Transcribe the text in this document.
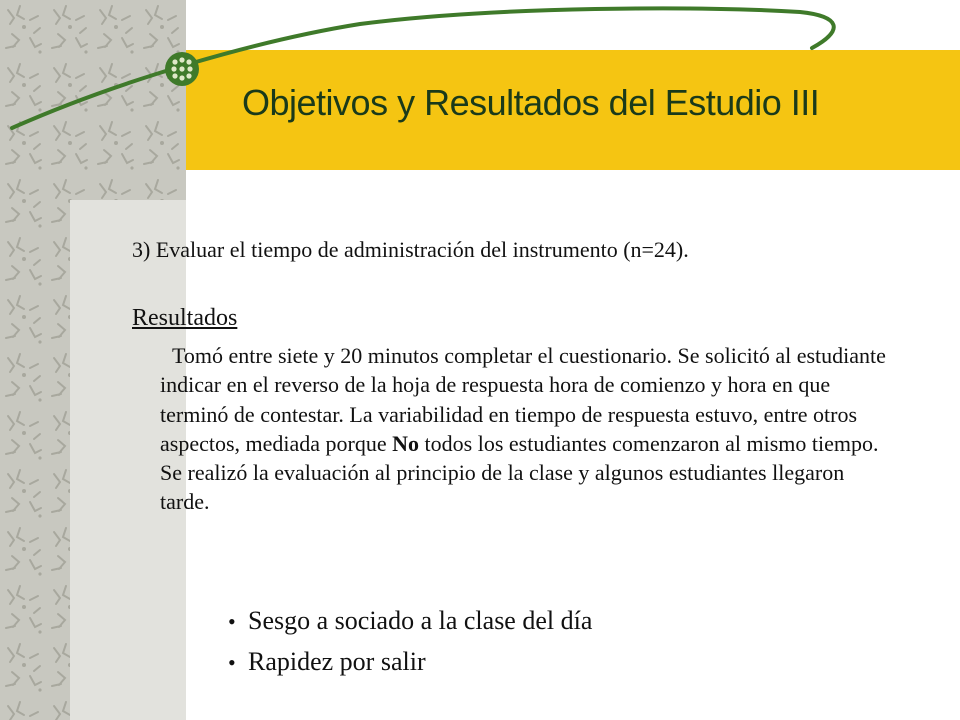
Objetivos y Resultados del Estudio III
3) Evaluar el tiempo de administración del instrumento (n=24).
Resultados
Tomó entre siete y 20 minutos completar el cuestionario. Se solicitó al estudiante indicar en el reverso de la hoja de respuesta hora de comienzo y hora en que terminó de contestar. La variabilidad en tiempo de respuesta estuvo, entre otros aspectos, mediada porque No todos los estudiantes comenzaron al mismo tiempo. Se realizó la evaluación al principio de la clase y algunos estudiantes llegaron tarde.
• Sesgo a sociado a la clase del día
• Rapidez por salir
